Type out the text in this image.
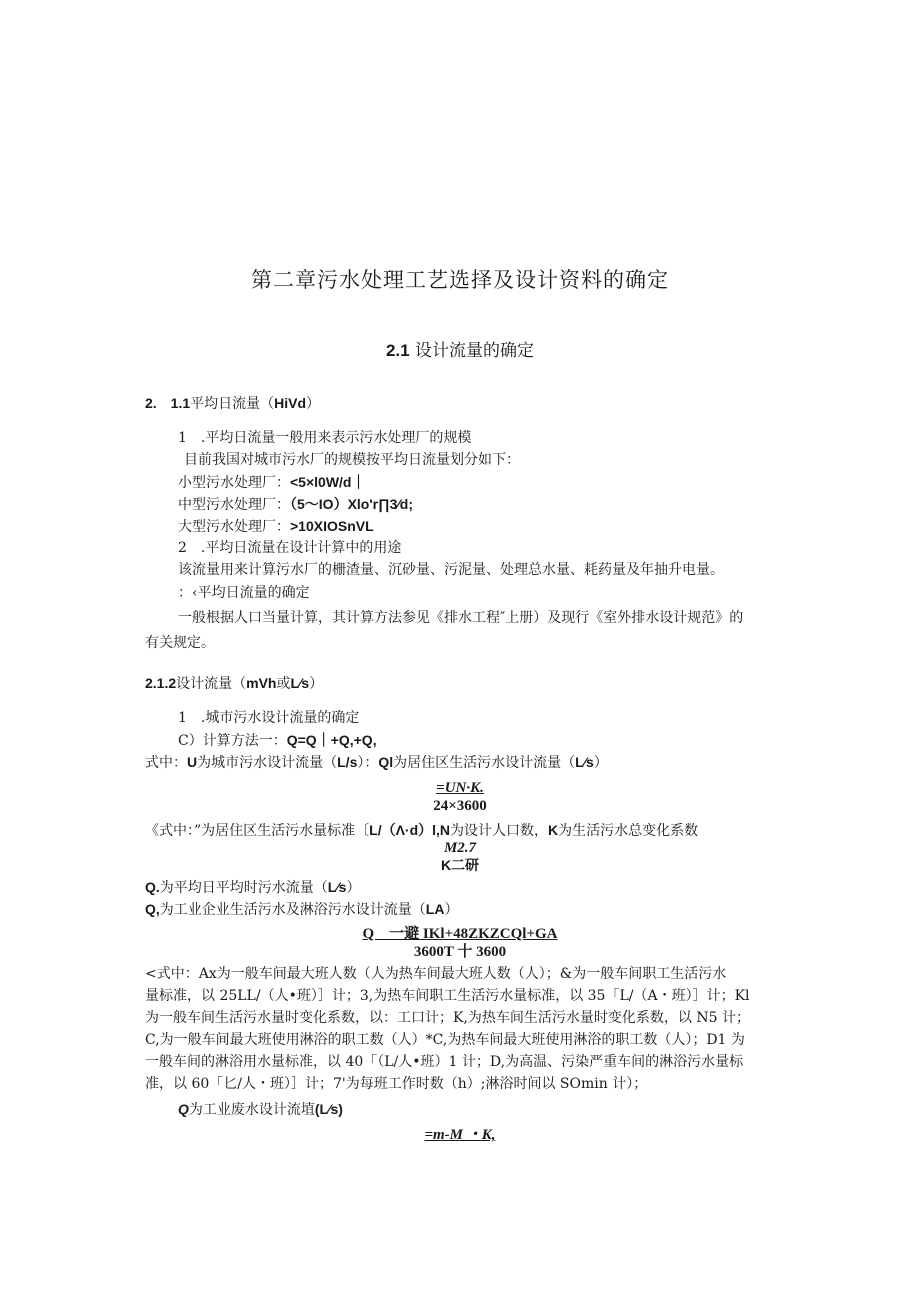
第二章污水处理工艺选择及设计资料的确定
2.1 设计流量的确定
2.　1.1平均日流量（HiVd）
1　.平均日流量一般用来表示污水处理厂的规模
目前我国对城市污水厂的规模按平均日流量划分如下：
小型污水处理厂：<5×l0W/d｜
中型污水处理厂：（5～IO）Xlo'r∏3⁄d;
大型污水处理厂：>10XIOSnVL
2　.平均日流量在设计计算中的用途
该流量用来计算污水厂的栅渣量、沉砂量、污泥量、处理总水量、耗药量及年抽升电量。
：‹平均日流量的确定
一般根据人口当量计算，其计算方法参见《排水工程″上册）及现行《室外排水设计规范》的
有关规定。
2.1.2设计流量（mVh或L⁄s）
1　.城市污水设计流量的确定
C）计算方法一：Q=Q｜+Q,+Q,
式中：U为城市污水设计流量（L/s）：Ql为居住区生活污水设计流量（L⁄s）
=UN·K.
24×3600
《式中：”为居住区生活污水量标准〔L/（Λ·d）l,N为设计人口数，K为生活污水总变化系数
M2.7
K二研
Q.为平均日平均时污水流量（L⁄s）
Q,为工业企业生活污水及淋浴污水设计流量（LA）
Q　一避 IKl+48ZKZCQl+GA
3600T 十 3600
<式中：Ax为一般车间最大班人数（人为热车间最大班人数（人）；&为一般车间职工生活污水
量标准，以 25LL/（人•班）］计；3,为热车间职工生活污水量标准，以 35「L/（A・班）］计；Kl
为一般车间生活污水量时变化系数，以：工口计；K,为热车间生活污水量时变化系数，以 N5 计；
C,为一般车间最大班使用淋浴的职工数（人）*C,为热车间最大班使用淋浴的职工数（人）；D1 为
一般车间的淋浴用水量标准，以 40「（L/人•班）1 计；D,为高温、污染严重车间的淋浴污水量标
准，以 60「匕/人・班）］计；7'为每班工作时数（h）;淋浴时间以 SOmin 计）；
Q为工业废水设计流埴(L⁄s)
=m-M ・K,
